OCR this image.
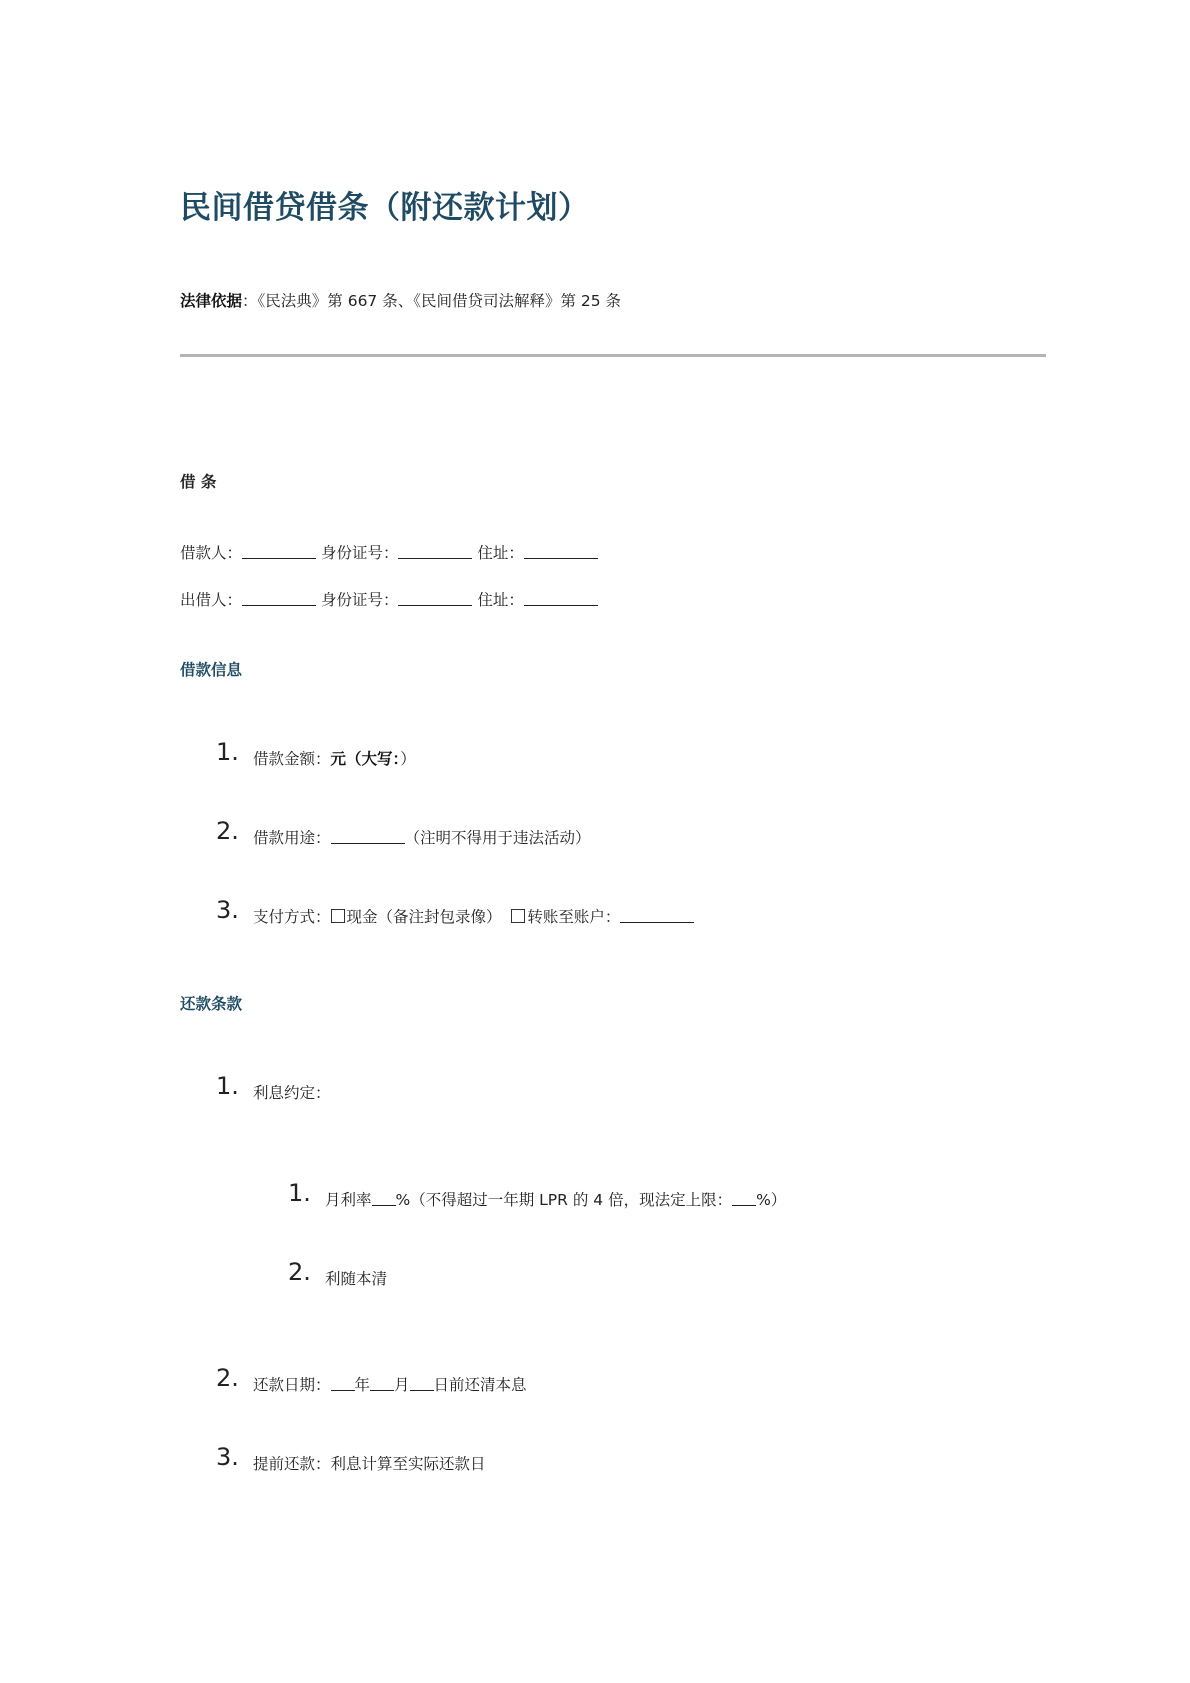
民间借贷借条（附还款计划）
法律依据：《民法典》第 667 条、《民间借贷司法解释》第 25 条
借 条
借款人：	身份证号：	住址：
出借人：	身份证号：	住址：
借款信息
1. 借款金额：元（大写：）
2. 借款用途：	（注明不得用于违法活动）
3. 支付方式： 现金（备注封包录像） 转账至账户：
还款条款
1. 利息约定：
1. 月利率 %（不得超过一年期 LPR 的 4 倍，现法定上限： %）
2. 利随本清
2. 还款日期： 年 月 日前还清本息
3. 提前还款：利息计算至实际还款日
